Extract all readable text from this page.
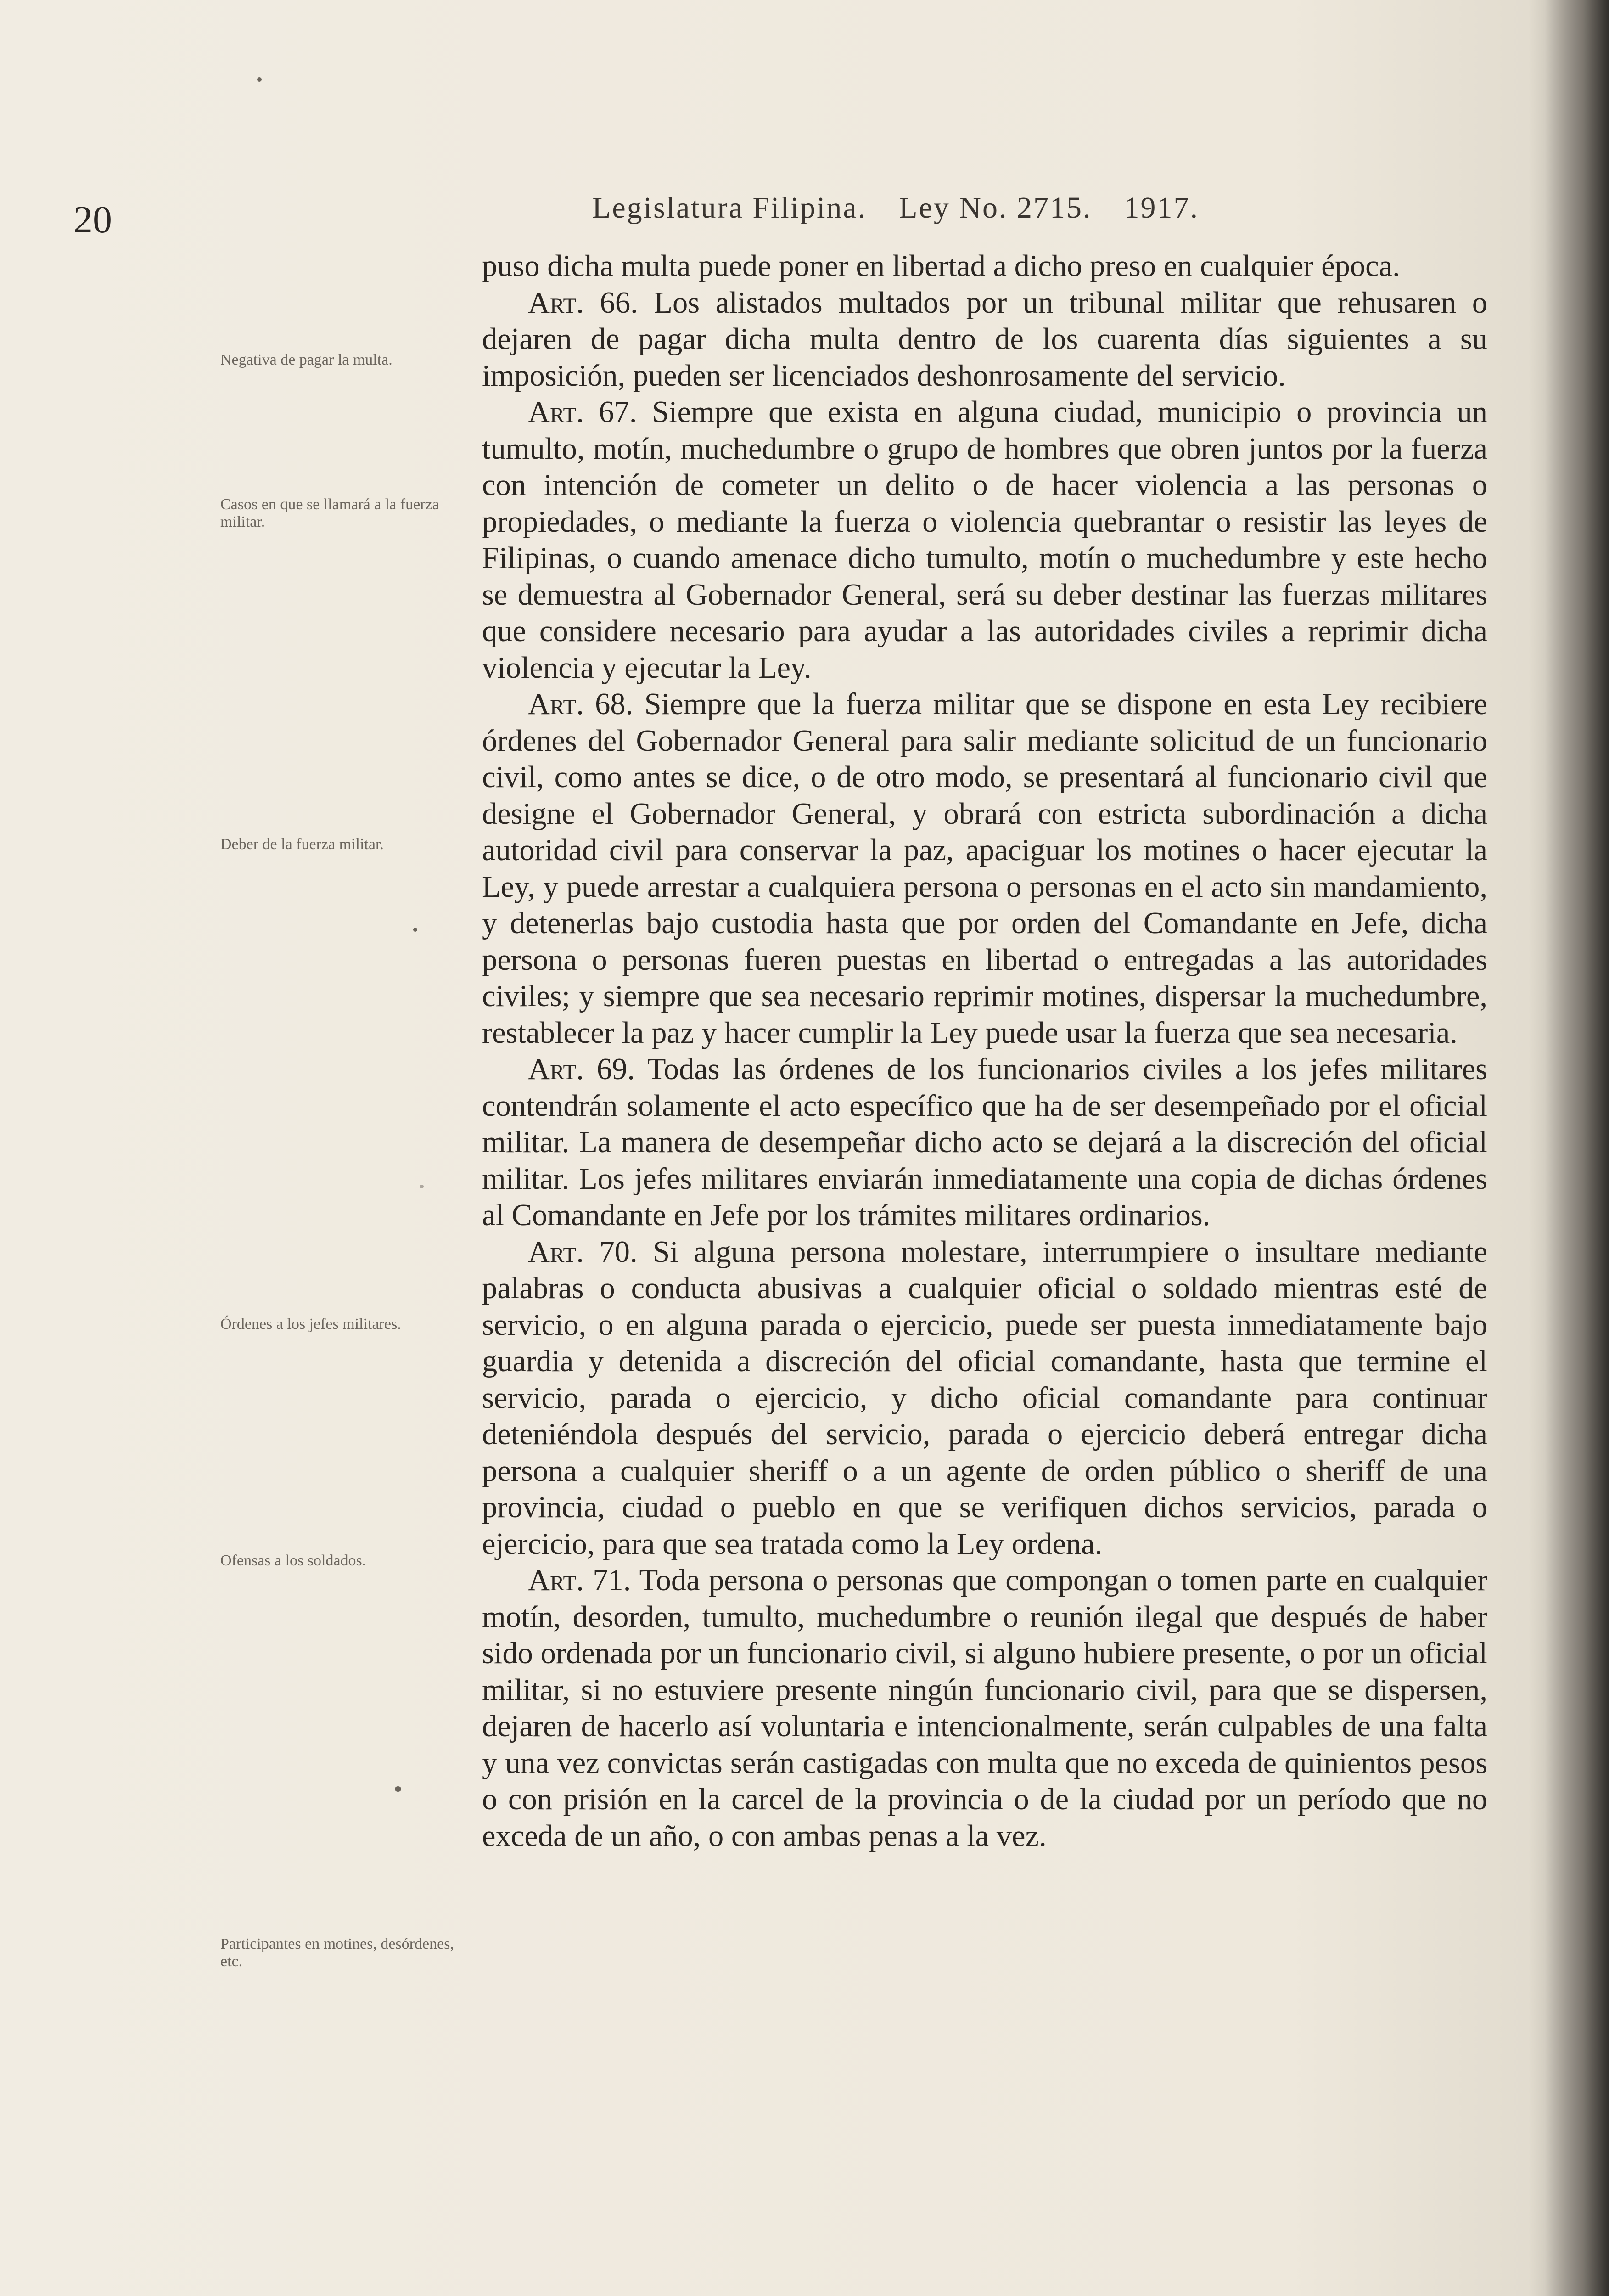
20	Legislatura Filipina. Ley No. 2715. 1917.
Negativa de pagar la multa.
Casos en que se llamará a la fuerza militar.
Deber de la fuerza militar.
Órdenes a los jefes militares.
Ofensas a los soldados.
Participantes en motines, desórdenes, etc.

puso dicha multa puede poner en libertad a dicho preso en cualquier época.

Art. 66. Los alistados multados por un tribunal militar que rehusaren o dejaren de pagar dicha multa dentro de los cuarenta días siguientes a su imposición, pueden ser licenciados deshonrosamente del servicio.

Art. 67. Siempre que exista en alguna ciudad, municipio o provincia un tumulto, motín, muchedumbre o grupo de hombres que obren juntos por la fuerza con intención de cometer un delito o de hacer violencia a las personas o propiedades, o mediante la fuerza o violencia quebrantar o resistir las leyes de Filipinas, o cuando amenace dicho tumulto, motín o muchedumbre y este hecho se demuestra al Gobernador General, será su deber destinar las fuerzas militares que considere necesario para ayudar a las autoridades civiles a reprimir dicha violencia y ejecutar la Ley.

Art. 68. Siempre que la fuerza militar que se dispone en esta Ley recibiere órdenes del Gobernador General para salir mediante solicitud de un funcionario civil, como antes se dice, o de otro modo, se presentará al funcionario civil que designe el Gobernador General, y obrará con estricta subordinación a dicha autoridad civil para conservar la paz, apaciguar los motines o hacer ejecutar la Ley, y puede arrestar a cualquiera persona o personas en el acto sin mandamiento, y detenerlas bajo custodia hasta que por orden del Comandante en Jefe, dicha persona o personas fueren puestas en libertad o entregadas a las autoridades civiles; y siempre que sea necesario reprimir motines, dispersar la muchedumbre, restablecer la paz y hacer cumplir la Ley puede usar la fuerza que sea necesaria.

Art. 69. Todas las órdenes de los funcionarios civiles a los jefes militares contendrán solamente el acto específico que ha de ser desempeñado por el oficial militar. La manera de desempeñar dicho acto se dejará a la discreción del oficial militar. Los jefes militares enviarán inmediatamente una copia de dichas órdenes al Comandante en Jefe por los trámites militares ordinarios.

Art. 70. Si alguna persona molestare, interrumpiere o insultare mediante palabras o conducta abusivas a cualquier oficial o soldado mientras esté de servicio, o en alguna parada o ejercicio, puede ser puesta inmediatamente bajo guardia y detenida a discreción del oficial comandante, hasta que termine el servicio, parada o ejercicio, y dicho oficial comandante para continuar deteniéndola después del servicio, parada o ejercicio deberá entregar dicha persona a cualquier sheriff o a un agente de orden público o sheriff de una provincia, ciudad o pueblo en que se verifiquen dichos servicios, parada o ejercicio, para que sea tratada como la Ley ordena.

Art. 71. Toda persona o personas que compongan o tomen parte en cualquier motín, desorden, tumulto, muchedumbre o reunión ilegal que después de haber sido ordenada por un funcionario civil, si alguno hubiere presente, o por un oficial militar, si no estuviere presente ningún funcionario civil, para que se dispersen, dejaren de hacerlo así voluntaria e intencionalmente, serán culpables de una falta y una vez convictas serán castigadas con multa que no exceda de quinientos pesos o con prisión en la carcel de la provincia o de la ciudad por un período que no exceda de un año, o con ambas penas a la vez.
